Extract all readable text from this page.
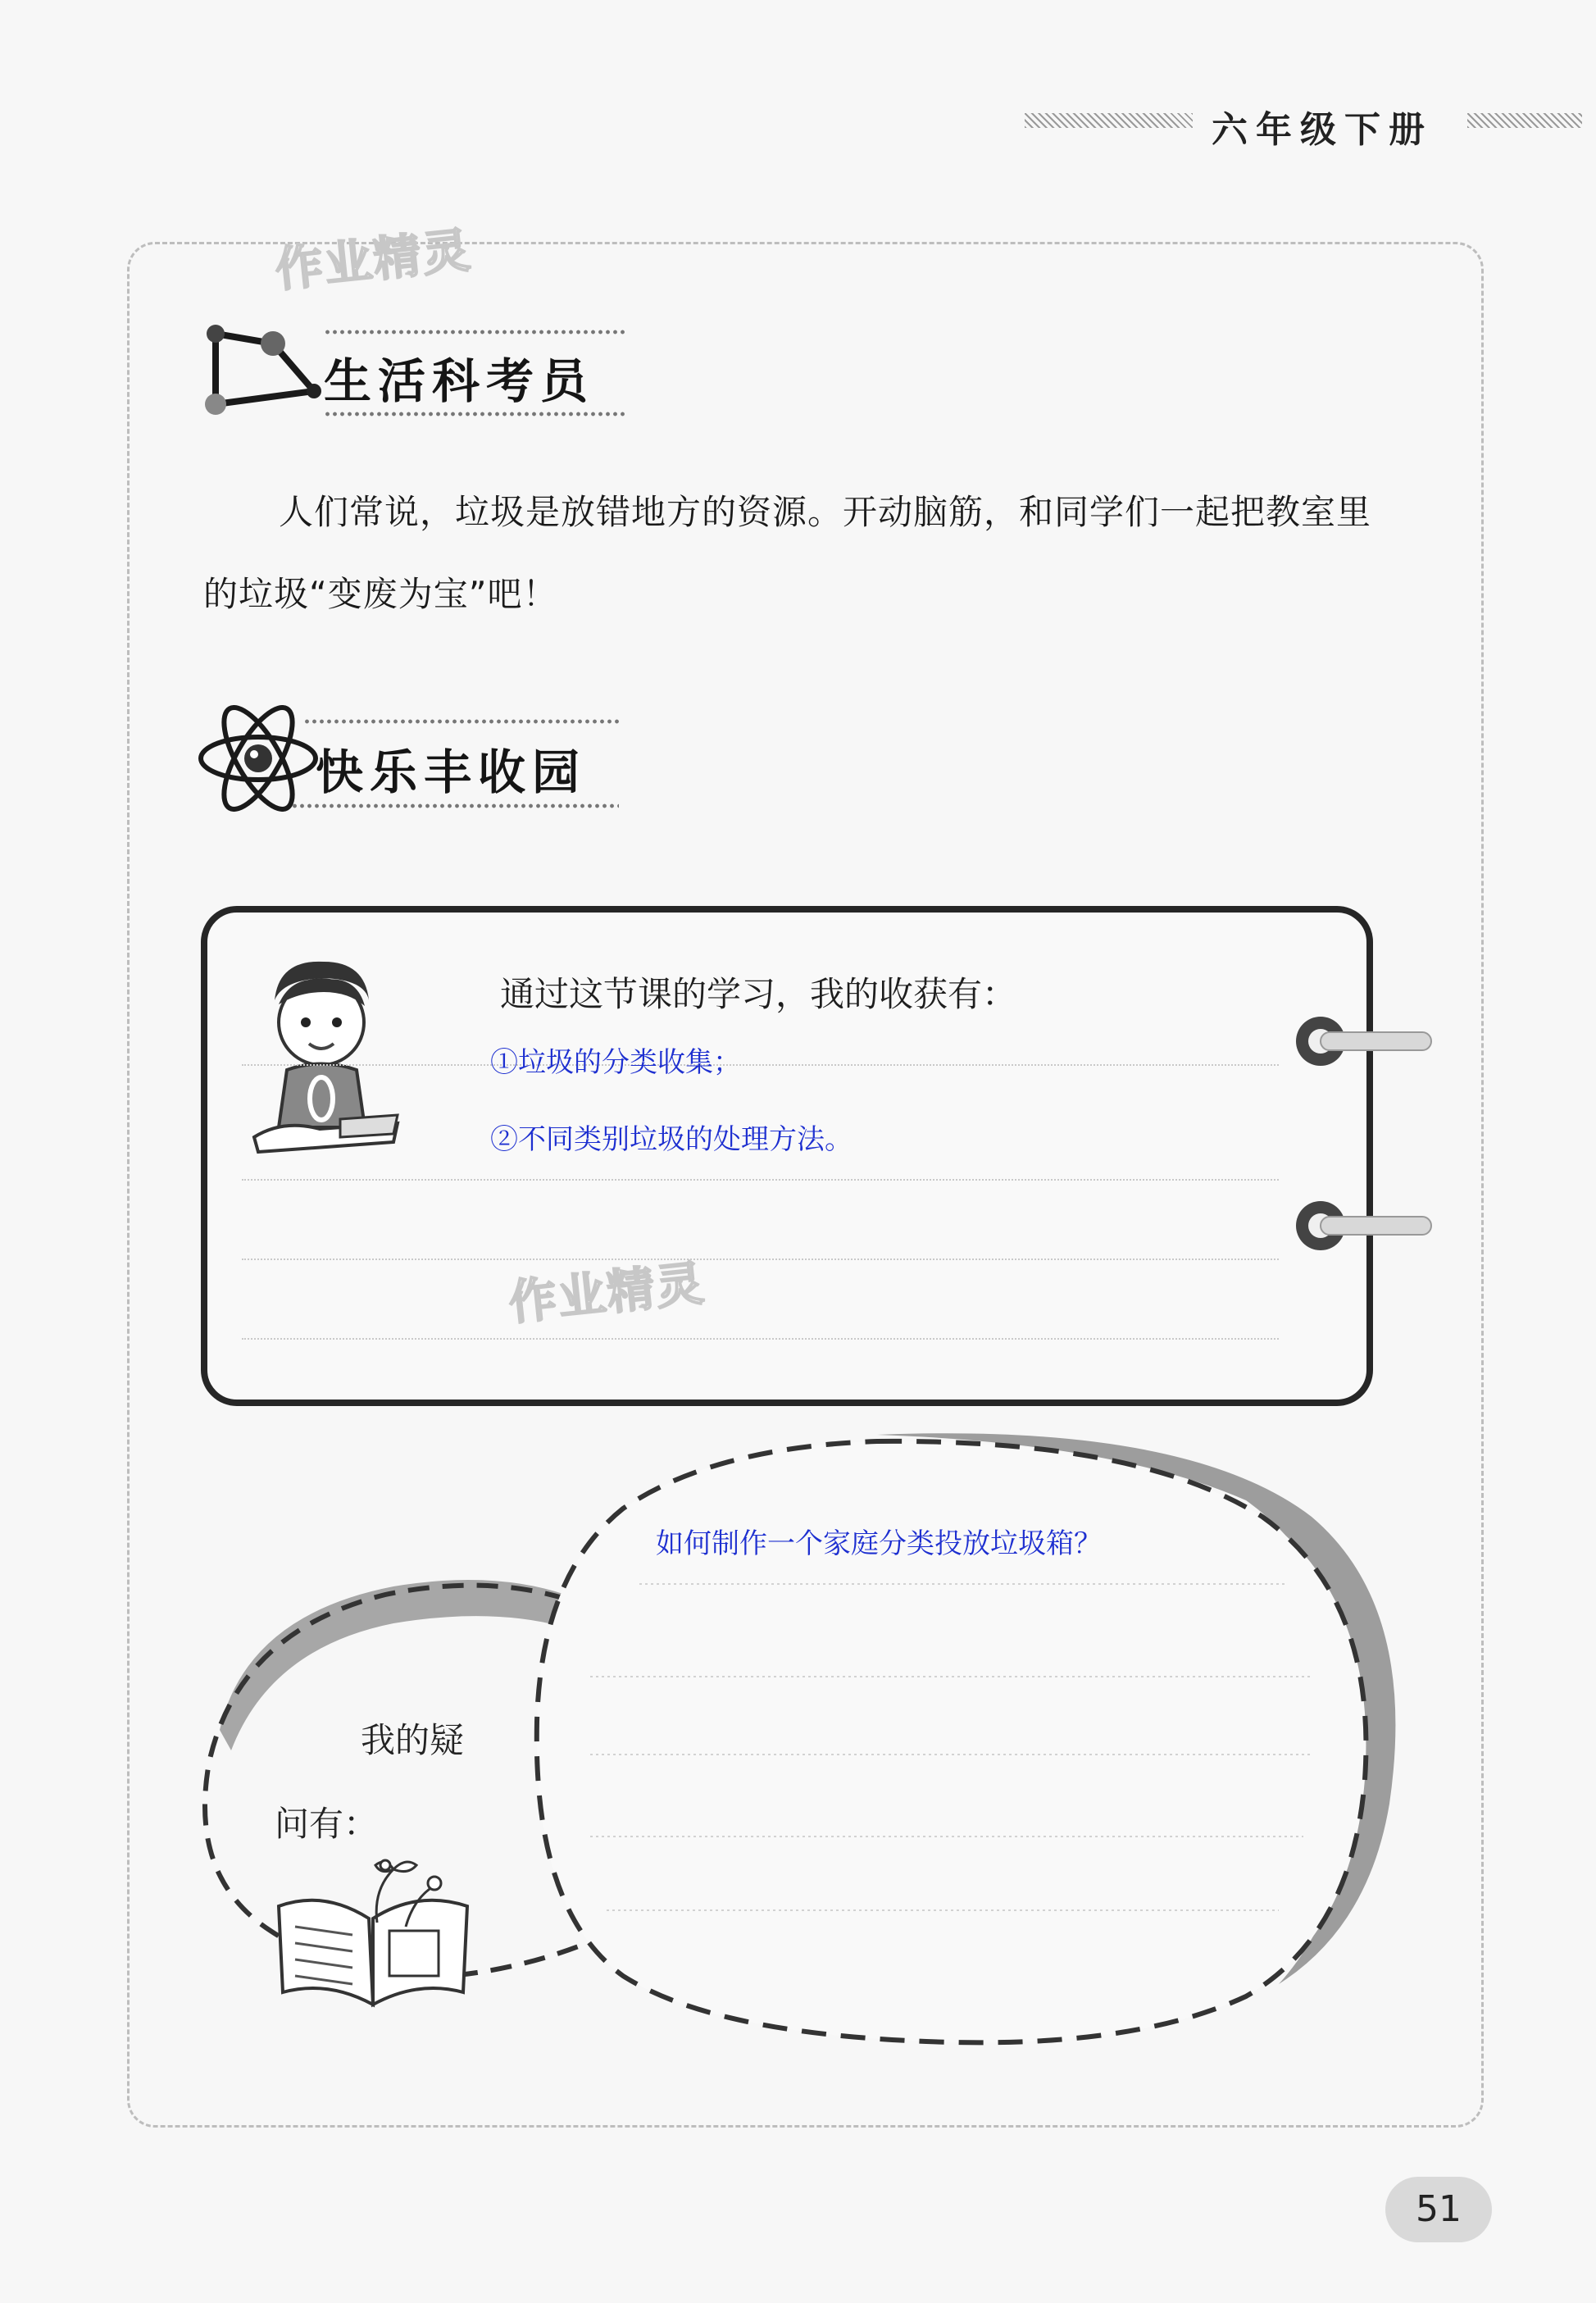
六年级下册
作业精灵
生活科考员
人们常说，垃圾是放错地方的资源。开动脑筋，和同学们一起把教室里
的垃圾“变废为宝”吧！
快乐丰收园
通过这节课的学习，我的收获有：
①垃圾的分类收集；
②不同类别垃圾的处理方法。
作业精灵
如何制作一个家庭分类投放垃圾箱？
我的疑
问有：
51
